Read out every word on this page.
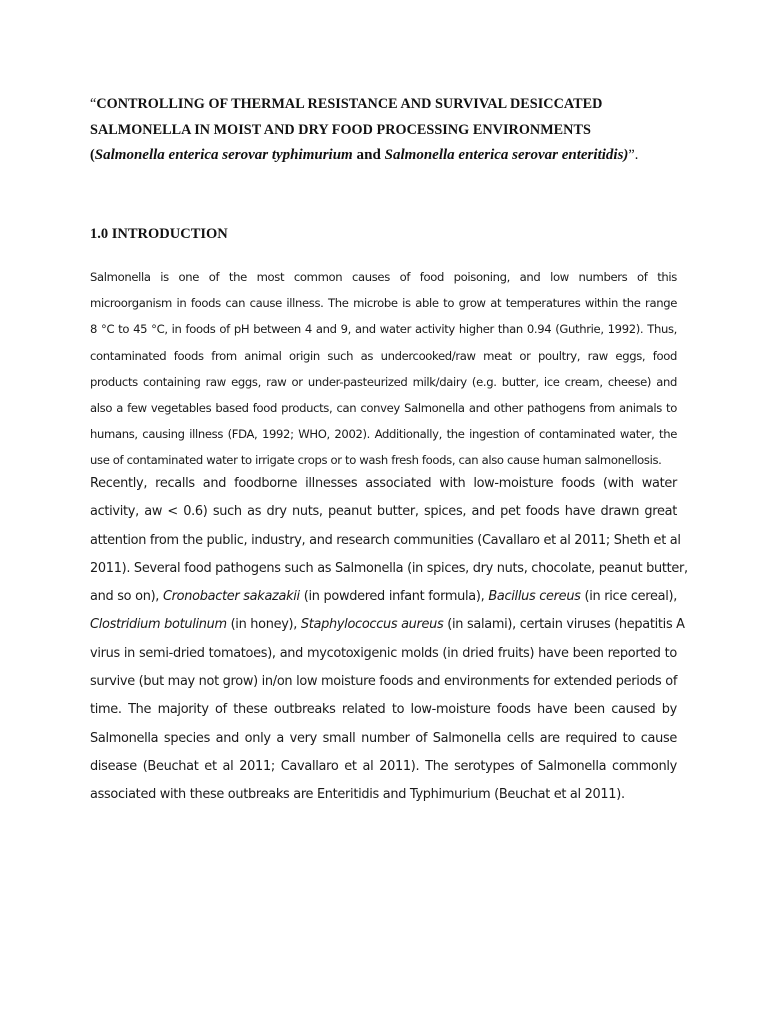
“CONTROLLING OF THERMAL RESISTANCE AND SURVIVAL DESICCATED
SALMONELLA IN MOIST AND DRY FOOD PROCESSING ENVIRONMENTS
(Salmonella enterica serovar typhimurium and Salmonella enterica serovar enteritidis)”.
1.0 INTRODUCTION
Salmonella is one of the most common causes of food poisoning, and low numbers of this
microorganism in foods can cause illness. The microbe is able to grow at temperatures within the range
8 °C to 45 °C, in foods of pH between 4 and 9, and water activity higher than 0.94 (Guthrie, 1992). Thus,
contaminated foods from animal origin such as undercooked/raw meat or poultry, raw eggs, food
products containing raw eggs, raw or under-pasteurized milk/dairy (e.g. butter, ice cream, cheese) and
also a few vegetables based food products, can convey Salmonella and other pathogens from animals to
humans, causing illness (FDA, 1992; WHO, 2002). Additionally, the ingestion of contaminated water, the
use of contaminated water to irrigate crops or to wash fresh foods, can also cause human salmonellosis.
Recently, recalls and foodborne illnesses associated with low-moisture foods (with water
activity, aw < 0.6) such as dry nuts, peanut butter, spices, and pet foods have drawn great
attention from the public, industry, and research communities (Cavallaro et al 2011; Sheth et al
2011). Several food pathogens such as Salmonella (in spices, dry nuts, chocolate, peanut butter,
and so on), Cronobacter sakazakii (in powdered infant formula), Bacillus cereus (in rice cereal),
Clostridium botulinum (in honey), Staphylococcus aureus (in salami), certain viruses (hepatitis A
virus in semi-dried tomatoes), and mycotoxigenic molds (in dried fruits) have been reported to
survive (but may not grow) in/on low moisture foods and environments for extended periods of
time. The majority of these outbreaks related to low-moisture foods have been caused by
Salmonella species and only a very small number of Salmonella cells are required to cause
disease (Beuchat et al 2011; Cavallaro et al 2011). The serotypes of Salmonella commonly
associated with these outbreaks are Enteritidis and Typhimurium (Beuchat et al 2011).
